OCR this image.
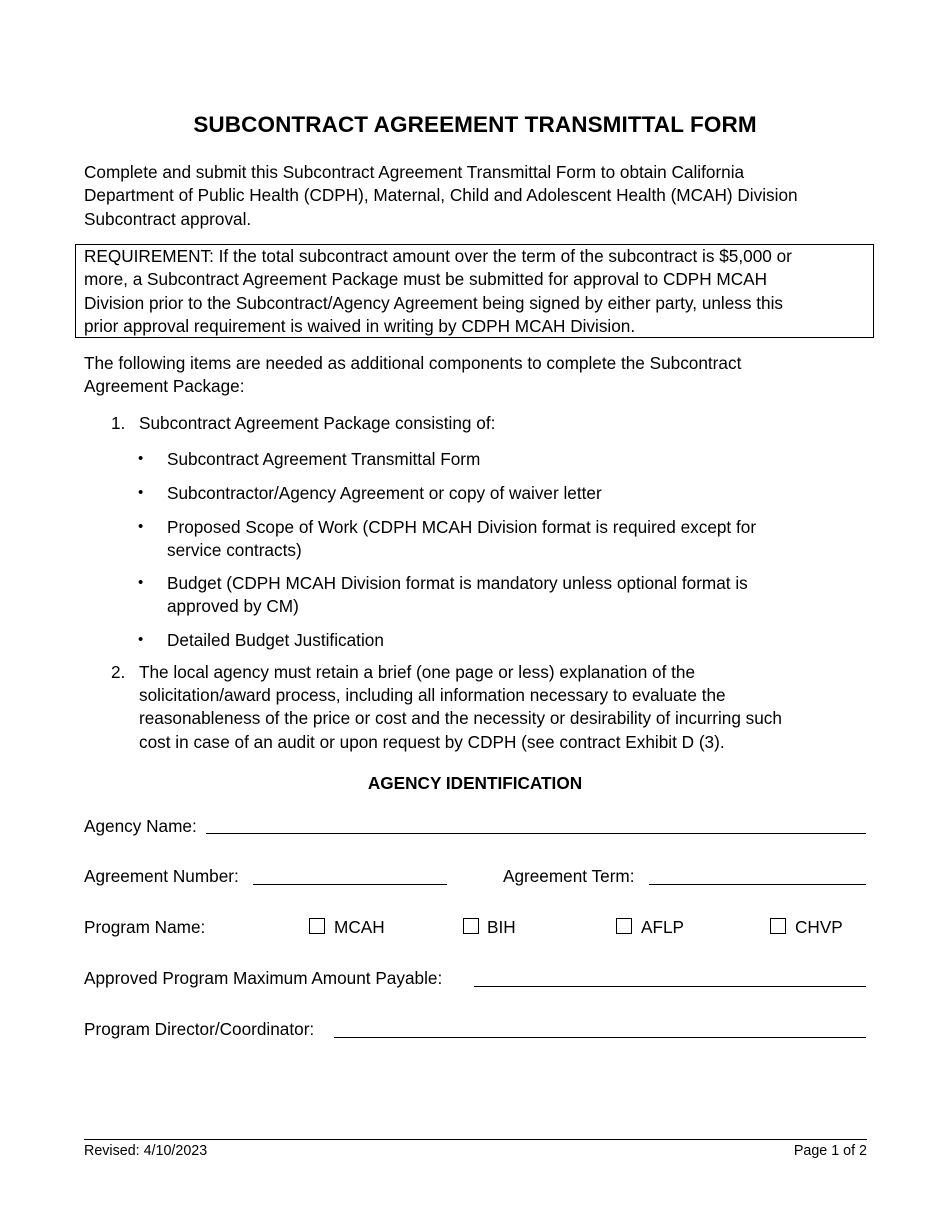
SUBCONTRACT AGREEMENT TRANSMITTAL FORM
Complete and submit this Subcontract Agreement Transmittal Form to obtain California
Department of Public Health (CDPH), Maternal, Child and Adolescent Health (MCAH) Division
Subcontract approval.
REQUIREMENT: If the total subcontract amount over the term of the subcontract is $5,000 or
more, a Subcontract Agreement Package must be submitted for approval to CDPH MCAH
Division prior to the Subcontract/Agency Agreement being signed by either party, unless this
prior approval requirement is waived in writing by CDPH MCAH Division.
The following items are needed as additional components to complete the Subcontract
Agreement Package:
1. Subcontract Agreement Package consisting of:
• Subcontract Agreement Transmittal Form
• Subcontractor/Agency Agreement or copy of waiver letter
• Proposed Scope of Work (CDPH MCAH Division format is required except for
service contracts)
• Budget (CDPH MCAH Division format is mandatory unless optional format is
approved by CM)
• Detailed Budget Justification
2. The local agency must retain a brief (one page or less) explanation of the
solicitation/award process, including all information necessary to evaluate the
reasonableness of the price or cost and the necessity or desirability of incurring such
cost in case of an audit or upon request by CDPH (see contract Exhibit D (3).
AGENCY IDENTIFICATION
Agency Name:
Agreement Number:	Agreement Term:
Program Name:	MCAH	BIH	AFLP	CHVP
Approved Program Maximum Amount Payable:
Program Director/Coordinator:
Revised: 4/10/2023	Page 1 of 2
